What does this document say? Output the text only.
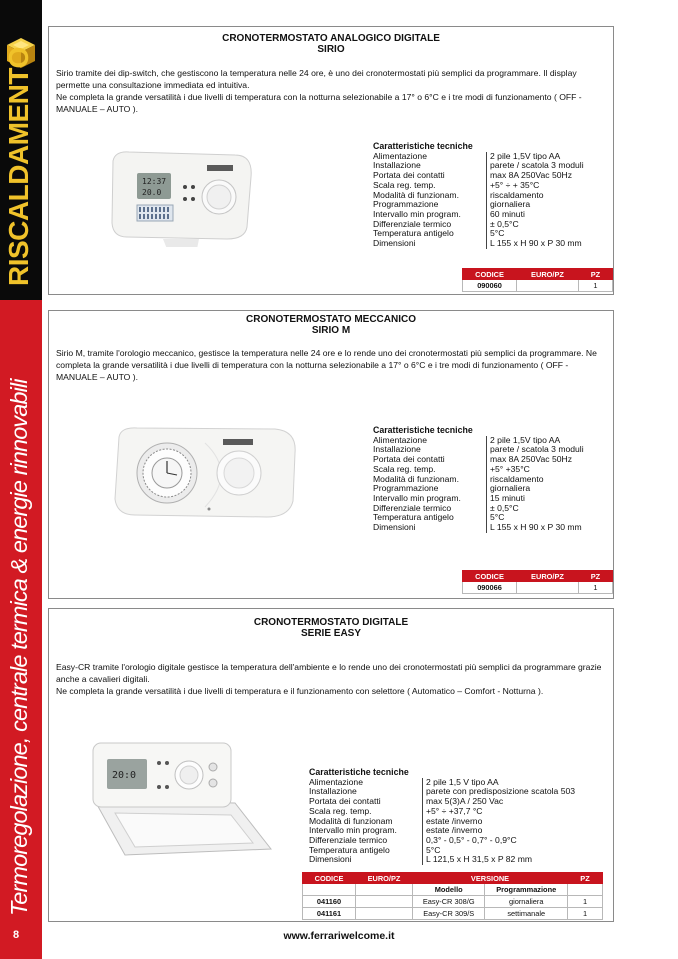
RISCALDAMENTO
Termoregolazione, centrale termica & energie rinnovabili
8
CRONOTERMOSTATO ANALOGICO DIGITALE
SIRIO

Sirio tramite dei dip-switch, che gestiscono la temperatura nelle 24 ore, è uno dei cronotermostati più semplici da programmare. Il display permette una consultazione immediata ed intuitiva.

Ne completa la grande versatilità i due livelli di temperatura con la notturna selezionabile a 17° o 6°C e i tre modi di funzionamento ( OFF - MANUALE – AUTO ).

12:37
20.0
Caratteristiche tecniche
Alimentazione	2 pile 1,5V tipo AA
Installazione	parete / scatola 3 moduli
Portata dei contatti	max 8A 250Vac 50Hz
Scala reg. temp.	+5° ÷ + 35°C
Modalità di funzionam.	riscaldamento
Programmazione	giornaliera
Intervallo min program.	60 minuti
Differenziale termico	± 0,5°C
Temperatura antigelo	5°C
Dimensioni	L 155 x H 90 x P 30 mm
CODICE	EURO/PZ	PZ
090060		1
CRONOTERMOSTATO MECCANICO
SIRIO M

Sirio M, tramite l'orologio meccanico, gestisce la temperatura nelle 24 ore e lo rende uno dei cronotermostati più semplici da programmare. Ne completa la grande versatilità i due livelli di temperatura con la notturna selezionabile a 17° o 6°C e i tre modi di funzionamento ( OFF - MANUALE – AUTO ).

Caratteristiche tecniche
Alimentazione	2 pile 1,5V tipo AA
Installazione	parete / scatola 3 moduli
Portata dei contatti	max 8A 250Vac 50Hz
Scala reg. temp.	+5° +35°C
Modalità di funzionam.	riscaldamento
Programmazione	giornaliera
Intervallo min program.	15 minuti
Differenziale termico	± 0,5°C
Temperatura antigelo	5°C
Dimensioni	L 155 x H 90 x P 30 mm
CODICE	EURO/PZ	PZ
090066		1
CRONOTERMOSTATO DIGITALE
SERIE EASY

Easy-CR tramite l'orologio digitale gestisce la temperatura dell'ambiente e lo rende uno dei cronotermostati più semplici da programmare grazie anche a cavalieri digitali.

Ne completa la grande versatilità i due livelli di temperatura e il funzionamento con selettore ( Automatico – Comfort - Notturna ).

20:0	Caratteristiche tecniche
Alimentazione	2 pile 1,5 V tipo AA
Installazione	parete con predisposizione scatola 503
Portata dei contatti	max 5(3)A / 250 Vac
Scala reg. temp.	+5° ÷ +37,7 °C
Modalità di funzionam	estate /inverno
Intervallo min program.	estate /inverno
Differenziale termico	0,3° - 0,5° - 0,7° - 0,9°C
Temperatura antigelo	5°C
Dimensioni	L 121,5 x H 31,5 x P 82 mm
CODICE	EURO/PZ	VERSIONE		PZ
		Modello	Programmazione	
041160		Easy-CR 308/G	giornaliera	1
041161		Easy-CR 309/S	settimanale	1
www.ferrariwelcome.it
